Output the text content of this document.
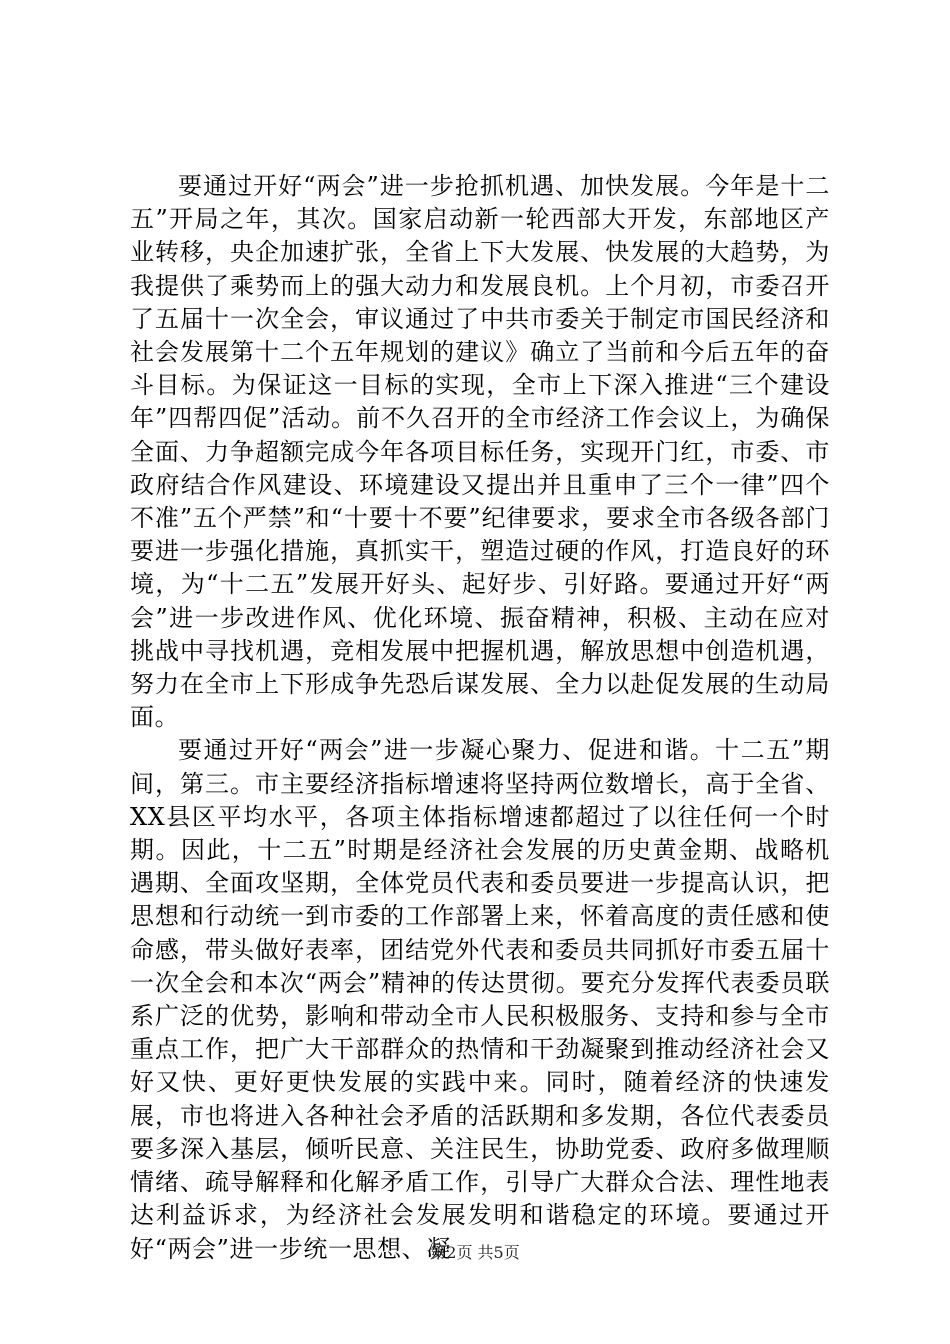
要通过开好“两会”进一步抢抓机遇、加快发展。今年是十二五”开局之年，其次。国家启动新一轮西部大开发，东部地区产业转移，央企加速扩张，全省上下大发展、快发展的大趋势，为我提供了乘势而上的强大动力和发展良机。上个月初，市委召开了五届十一次全会，审议通过了中共市委关于制定市国民经济和社会发展第十二个五年规划的建议》确立了当前和今后五年的奋斗目标。为保证这一目标的实现，全市上下深入推进“三个建设年”四帮四促”活动。前不久召开的全市经济工作会议上，为确保全面、力争超额完成今年各项目标任务，实现开门红，市委、市政府结合作风建设、环境建设又提出并且重申了三个一律”四个不准”五个严禁”和“十要十不要”纪律要求，要求全市各级各部门要进一步强化措施，真抓实干，塑造过硬的作风，打造良好的环境，为“十二五”发展开好头、起好步、引好路。要通过开好“两会”进一步改进作风、优化环境、振奋精神，积极、主动在应对挑战中寻找机遇，竞相发展中把握机遇，解放思想中创造机遇，努力在全市上下形成争先恐后谋发展、全力以赴促发展的生动局面。

要通过开好“两会”进一步凝心聚力、促进和谐。十二五”期间，第三。市主要经济指标增速将坚持两位数增长，高于全省、XX县区平均水平，各项主体指标增速都超过了以往任何一个时期。因此，十二五”时期是经济社会发展的历史黄金期、战略机遇期、全面攻坚期，全体党员代表和委员要进一步提高认识，把思想和行动统一到市委的工作部署上来，怀着高度的责任感和使命感，带头做好表率，团结党外代表和委员共同抓好市委五届十一次全会和本次“两会”精神的传达贯彻。要充分发挥代表委员联系广泛的优势，影响和带动全市人民积极服务、支持和参与全市重点工作，把广大干部群众的热情和干劲凝聚到推动经济社会又好又快、更好更快发展的实践中来。同时，随着经济的快速发展，市也将进入各种社会矛盾的活跃期和多发期，各位代表委员要多深入基层，倾听民意、关注民生，协助党委、政府多做理顺情绪、疏导解释和化解矛盾工作，引导广大群众合法、理性地表达利益诉求，为经济社会发展发明和谐稳定的环境。要通过开好“两会”进一步统一思想、凝

第2页 共5页
